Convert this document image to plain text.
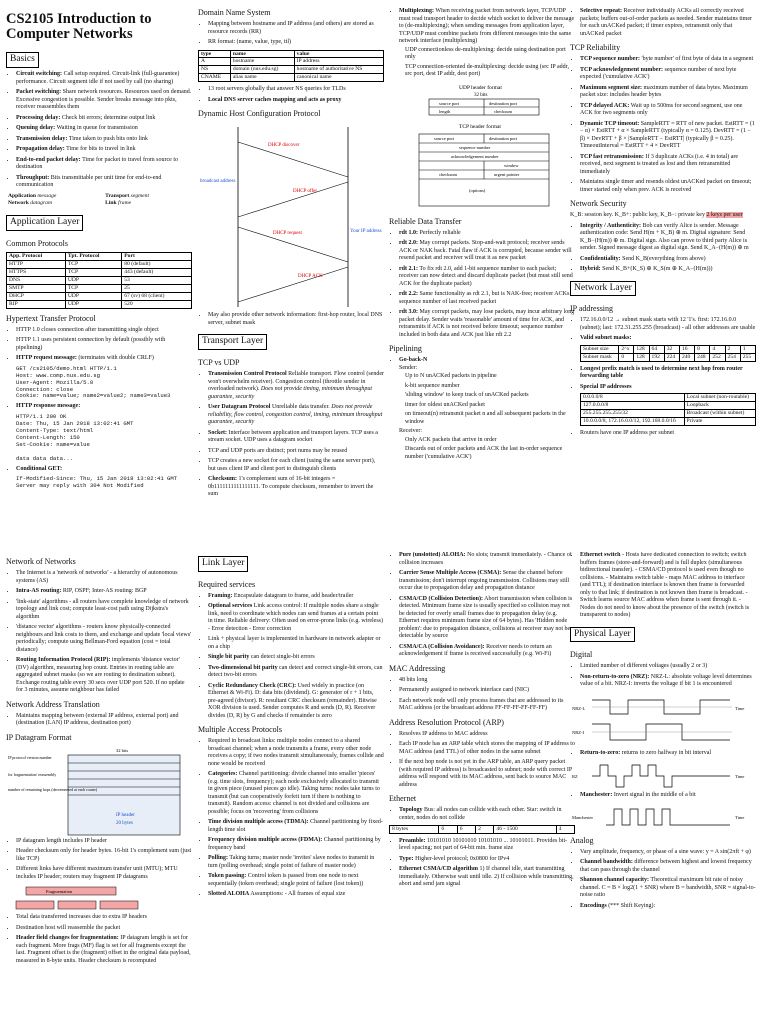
CS2105 Introduction to Computer Networks
Basics
• Circuit switching: Call setup required. Circuit-link (full-guarantee) performance. Circuit segment idle if not used by call (no sharing)
• Packet switching: Share network resources. Resources used on demand. Excessive congestion is possible. Sender breaks message into pkts, receiver reassembles them
• Processing delay: Check bit errors; determine output link
• Queuing delay: Waiting in queue for transmission
• Transmission delay: Time taken to push bits onto link
• Propagation delay: Time for bits to travel in link
• End-to-end packet delay: Time for packet to travel from source to destination
• Throughput: Bits transmittable per unit time for end-to-end communication
Application message	Transport segment
Network datagram	Link frame
Application Layer
Common Protocols
App. Protocol	Tpt. Protocol	Port
HTTP	TCP	80 (default)
HTTPS	TCP	443 (default)
DNS	UDP	53
SMTP	TCP	25
DHCP	UDP	67 (sv) 68 (client)
RIP	UDP	520
Hypertext Transfer Protocol
• HTTP 1.0 closes connection after transmitting single object
• HTTP 1.1 uses persistent connection by default (possibly with pipelining)
• HTTP request message: (terminates with double CRLF)
GET /cs2105/demo.html HTTP/1.1
Host: www.comp.nus.edu.sg
User-Agent: Mozilla/5.0
Connection: close
Cookie: name=value; name2=value2; name3=value3
• HTTP response message:
HTTP/1.1 200 OK
Date: Thu, 15 Jan 2018 13:02:41 GMT
Content-Type: text/html
Content-Length: 150
Set-Cookie: name=value

data data data...
• Conditional GET:
If-Modified-Since: Thu, 15 Jan 2018 13:02:41 GMT
Server may reply with 304 Not Modified
Domain Name System
• Mapping between hostname and IP address (and others) are stored as resource records (RR)
• RR format: (name, value, type, ttl)
type	name	value
A	hostname	IP address
NS	domain (nus.edu.sg)	hostname of authoritative NS
CNAME	alias name	canonical name
• 13 root servers globally that answer NS queries for TLDs
• Local DNS server caches mapping and acts as proxy
Dynamic Host Configuration Protocol
broadcast address
Your IP address
DHCP discover
DHCP offer
DHCP request
DHCP ACK
• May also provide other network information: first-hop router, local DNS server, subnet mask
Transport Layer
TCP vs UDP
• Transmission Control Protocol Reliable transport. Flow control (sender won't overwhelm receiver). Congestion control (throttle sender in overloaded network). Does not provide timing, minimum throughput guarantee, security
• User Datagram Protocol Unreliable data transfer. Does not provide reliability, flow control, congestion control, timing, minimum throughput guarantee, security
• Socket: Interface between application and transport layers. TCP uses a stream socket. UDP uses a datagram socket
• TCP and UDP ports are distinct; port nums may be reused
• TCP creates a new socket for each client (using the same server port), but uses client IP and client port to distinguish clients
• Checksum: 1's complement sum of 16-bit integers = 0b1111111111111111. To compute checksum, remember to invert the sum
• Multiplexing: When receiving packet from network layer, TCP/UDP must read transport header to decide which socket to deliver the message to (de-multiplexing); when sending messages from application layer, TCP/UDP must combine packets from different messages into the same network interface (multiplexing)
UDP connectionless de-multiplexing: decide using destination port only
TCP connection-oriented de-multiplexing: decide using (src IP addr, src port, dest IP addr, dest port)
UDP header format
32 bits
source port	destination port
length	checksum
TCP header format
source port	destination port
sequence number
acknowledgement number
window
checksum	urgent pointer
(options)
Reliable Data Transfer
• rdt 1.0: Perfectly reliable
• rdt 2.0: May corrupt packets. Stop-and-wait protocol; receiver sends ACK or NAK back. Fatal flaw if ACK is corrupted, because sender will resend packet and receiver will treat it as new packet
• rdt 2.1: To fix rdt 2.0, add 1-bit sequence number to each packet; receiver can now detect and discard duplicate packet (but must still send ACK for the duplicate packet)
• rdt 2.2: Same functionality as rdt 2.1, but is NAK-free; receiver ACKs sequence number of last received packet
• rdt 3.0: May corrupt packets, may lose packets, may incur arbitrary long packet delay. Sender waits 'reasonable' amount of time for ACK, and retransmits if ACK is not received before timeout; sequence number included in both data and ACK just like rdt 2.2
Pipelining
• Go-back-N
Sender:
Up to N unACKed packets in pipeline
k-bit sequence number
'sliding window' to keep track of unACKed packets
timer for oldest unACKed packet
on timeout(n) retransmit packet n and all subsequent packets in the window
Receiver:
Only ACK packets that arrive in order
Discards out of order packets and ACK the last in-order sequence number ('cumulative ACK')
• Selective repeat: Receiver individually ACKs all correctly received packets; buffers out-of-order packets as needed. Sender maintains timer for each unACKed packet; if timer expires, retransmit only that unACKed packet
TCP Reliability
• TCP sequence number: 'byte number' of first byte of data in a segment
• TCP acknowledgement number: sequence number of next byte expected ('cumulative ACK')
• Maximum segment size: maximum number of data bytes. Maximum packet size: includes header bytes
• TCP delayed ACK: Wait up to 500ms for second segment, use one ACK for two segments only
• Dynamic TCP timeout: SampleRTT = RTT of new packet. EstRTT = (1 − α) × EstRTT + α × SampleRTT (typically α = 0.125). DevRTT = (1 − β) × DevRTT + β × |SampleRTT − EstRTT| (typically β = 0.25). TimeoutInterval = EstRTT + 4 × DevRTT
• TCP fast retransmission: If 3 duplicate ACKs (i.e. 4 in total) are received, next segment is treated as lost and then retransmitted immediately
• Maintains single timer and resends oldest unACKed packet on timeout; timer started only when prev. ACK is received
Network Security

K_B: session key. K_B+: public key, K_B−: private key 2 keys per user

• Integrity / Authenticity: Bob can verify Alice is sender. Message authentication code: Send H(m + K_B) ⊕ m. Digital signature: Send K_B−(H(m)) ⊕ m. Digital sign. Also can prove to third party Alice is sender. Signed message digest as digital sign. Send K_A−(H(m)) ⊕ m
• Confidentiality: Send K_B(everything from above)
• Hybrid: Send K_B+(K_S) ⊕ K_S(m ⊕ K_A−(H(m)))
Network Layer
IP addressing
• 172.16.0.0/12 → subnet mask starts with 12 '1's. first: 172.16.0.0 (subnet); last: 172.31.255.255 (broadcast) - all other addresses are usable
• Valid subnet masks:
Subnet size	2^x	128	64	32	16	8	4	2	1
Subnet mask	0	128	192	224	240	248	252	254	255
• Longest prefix match is used to determine next hop from router forwarding table
• Special IP addresses
0.0.0.0/8	Local subnet (non-routable)
127.0.0.0/8	Loopback
255.255.255.255/32	Broadcast (within subnet)
10.0.0.0/8, 172.16.0.0/12, 192.168.0.0/16	Private
• Routers have one IP address per subnet
Network of Networks
• The Internet is a 'network of networks' - a hierarchy of autonomous systems (AS)
• Intra-AS routing: RIP, OSPF; Inter-AS routing: BGP
• 'link-state' algorithms - all routers have complete knowledge of network topology and link cost; compute least-cost path using Dijkstra's algorithm
• 'distance vector' algorithms - routers know physically-connected neighbours and link costs to them, and exchange and update 'local views' periodically; compute using Bellman-Ford equation (cost = total distance)
• Routing Information Protocol (RIP): implements 'distance vector' (DV) algorithm, measuring hop count. Entries in routing table are aggregated subnet masks (so we are routing to destination subnet). Exchange routing table every 30 secs over UDP port 520. If no update for 3 minutes, assume neighbour has failed
Network Address Translation
• Maintains mapping between (external IP address, external port) and (destination (LAN) IP address, destination port)
IP Datagram Format
32 bits
IP protocol version number
for fragmentation/ reassembly
number of remaining hops (decremented at each router)
IP header
20 bytes
• IP datagram length includes IP header
• Header checksum only for header bytes. 16-bit 1's complement sum (just like TCP)
• Different links have different maximum transfer unit (MTU); MTU includes IP header; routers may fragment IP datagrams
Fragmentation
• Total data transferred increases due to extra IP headers
• Destination host will reassemble the packet
• Header field changes for fragmentation: IP datagram length is set for each fragment. More frags (MF) flag is set for all fragments except the last. Fragment offset is the (fragment) offset in the original data payload, measured in 8-byte units. Header checksum is recomputed
Link Layer
Required services
• Framing: Encapsulate datagram to frame, add header/trailer
• Optional services Link access control: If multiple nodes share a single link, need to coordinate which nodes can send frames at a certain point in time. Reliable delivery: Often used on error-prone links (e.g. wireless) - Error detection - Error correction
• Link + physical layer is implemented in hardware in network adapter or on a chip
• Single bit parity can detect single-bit errors
• Two-dimensional bit parity can detect and correct single-bit errors, can detect two-bit errors
• Cyclic Redundancy Check (CRC): Used widely in practice (on Ethernet & Wi-Fi). D: data bits (dividend). G: generator of r + 1 bits, pre-agreed (divisor). R: resultant CRC checksum (remainder). Bitwise XOR division is used. Sender computes R and sends (D, R). Receiver divides (D, R) by G and checks if remainder is zero
Multiple Access Protocols
• Required in broadcast links: multiple nodes connect to a shared broadcast channel; when a node transmits a frame, every other node receives a copy; if two nodes transmit simultaneously, frames collide and none would be received
• Categories: Channel partitioning: divide channel into smaller 'pieces' (e.g. time slots, frequency); each node exclusively allocated to transmit in given piece (unused pieces go idle). Taking turns: nodes take turns to transmit (but can cooperatively forfeit turn if there is nothing to transmit). Random access: channel is not divided and collisions are possible; focus on 'recovering' from collisions
• Time division multiple access (TDMA): Channel partitioning by fixed-length time slot
• Frequency division multiple access (FDMA): Channel partitioning by frequency band
• Polling: Taking turns; master node 'invites' slave nodes to transmit in turn (polling overhead; single point of failure of master node)
• Token passing: Control token is passed from one node to next sequentially (token overhead; single point of failure (lost token))
• Slotted ALOHA Assumptions: - All frames of equal size
• Pure (unslotted) ALOHA: No slots; transmit immediately. - Chance of collision increases
• Carrier Sense Multiple Access (CSMA): Sense the channel before transmission; don't interrupt ongoing transmission. Collisions may still occur due to propagation delay and propagation distance
• CSMA/CD (Collision Detection): Abort transmission when collision is detected. Minimum frame size is usually specified so collision may not be detected for overly small frames due to propagation delay (e.g. Ethernet requires minimum frame size of 64 bytes). Has 'Hidden node problem': due to propagation distance, collisions at receiver may not be detectable by source
• CSMA/CA (Collision Avoidance): Receiver needs to return an acknowledgement if frame is received successfully (e.g. Wi-Fi)
MAC Addressing
• 48 bits long
• Permanently assigned to network interface card (NIC)
• Each network node will only process frames that are addressed to its MAC address (or the broadcast address FF-FF-FF-FF-FF-FF)
Address Resolution Protocol (ARP)
• Resolves IP address to MAC address
• Each IP node has an ARP table which stores the mapping of IP address to MAC address (and TTL) of other nodes in the same subnet
• If the next hop node is not yet in the ARP table, an ARP query packet (with required IP address) is broadcasted to subnet; node with correct IP address will respond with its MAC address, sent back to source MAC address
Ethernet
• Topology Bus: all nodes can collide with each other. Star: switch in center, nodes do not collide
8 bytes	6	6	2	46 - 1500	4
• Preamble: 10101010 10101010 10101010 ... 10101011. Provides bit-level spacing; not part of 64-bit min. frame size
• Type: Higher-level protocol; 0x0800 for IPv4
• Ethernet CSMA/CD algorithm 1) If channel idle, start transmitting immediately. Otherwise wait until idle. 2) If collision while transmitting, abort and send jam signal
• Ethernet switch - Hosts have dedicated connection to switch; switch buffers frames (store-and-forward) and is full duplex (simultaneous bidirectional transfer). - CSMA/CD protocol is used even though no collisions. - Maintains switch table - maps MAC address to interface (and TTL); if destination interface is known then frame is forwarded only to that link; if destination is not known then frame is broadcast. - Switch learns source MAC address when frame is sent through it. - Nodes do not need to know about the presence of the switch (switch is transparent to nodes)
Physical Layer
Digital
• Limited number of different voltages (usually 2 or 3)
• Non-return-to-zero (NRZ): NRZ-L: absolute voltage level determines value of a bit. NRZ-I: inverts the voltage if bit 1 is encountered
NRZ-L
NRZ-I
Time
• Return-to-zero: returns to zero halfway in bit interval
RZ	Time
• Manchester: Invert signal in the middle of a bit
Manchester	Time
Analog
• Vary amplitude, frequency, or phase of a sine wave: y = A sin(2πft + φ)
• Channel bandwidth: difference between highest and lowest frequency that can pass through the channel
• Shannon channel capacity: Theoretical maximum bit rate of noisy channel. C = B × log2(1 + SNR) where B = bandwidth, SNR = signal-to-noise ratio
• Encodings (*** Shift Keying):
